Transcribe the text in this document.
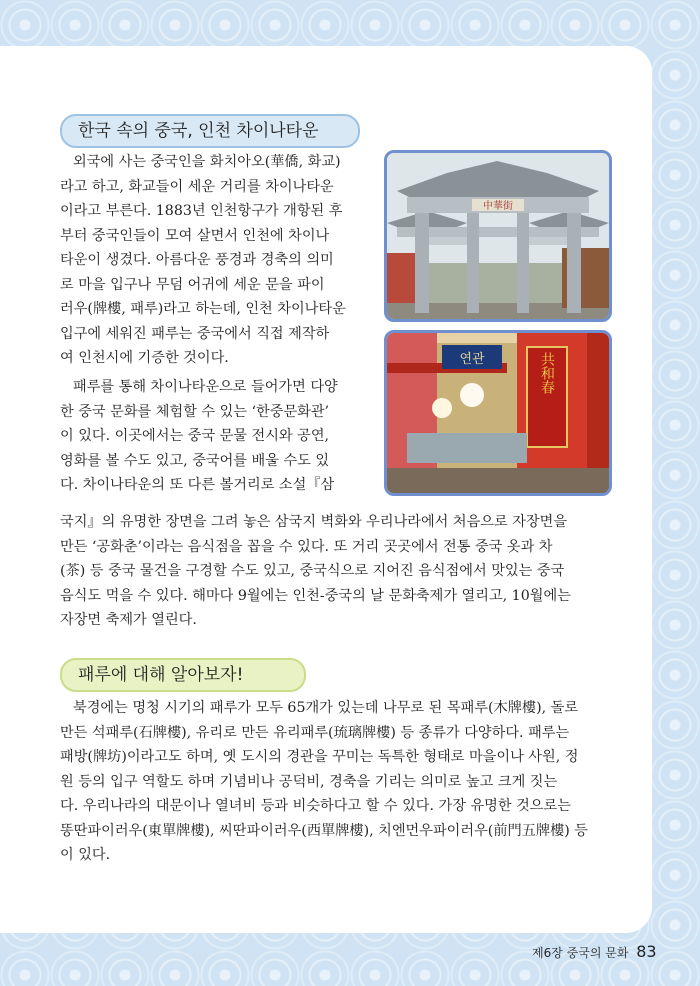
한국 속의 중국, 인천 차이나타운
외국에 사는 중국인을 화치아오(華僑, 화교)
라고 하고, 화교들이 세운 거리를 차이나타운
이라고 부른다. 1883년 인천항구가 개항된 후
부터 중국인들이 모여 살면서 인천에 차이나
타운이 생겼다. 아름다운 풍경과 경축의 의미
로 마을 입구나 무덤 어귀에 세운 문을 파이
러우(牌樓, 패루)라고 하는데, 인천 차이나타운
입구에 세워진 패루는 중국에서 직접 제작하
여 인천시에 기증한 것이다.
패루를 통해 차이나타운으로 들어가면 다양
한 중국 문화를 체험할 수 있는 ‘한중문화관’
이 있다. 이곳에서는 중국 문물 전시와 공연,
영화를 볼 수도 있고, 중국어를 배울 수도 있
다. 차이나타운의 또 다른 볼거리로 소설『삼
국지』의 유명한 장면을 그려 놓은 삼국지 벽화와 우리나라에서 처음으로 자장면을
만든 ‘공화춘’이라는 음식점을 꼽을 수 있다. 또 거리 곳곳에서 전통 중국 옷과 차
(茶) 등 중국 물건을 구경할 수도 있고, 중국식으로 지어진 음식점에서 맛있는 중국
음식도 먹을 수 있다. 해마다 9월에는 인천-중국의 날 문화축제가 열리고, 10월에는
자장면 축제가 열린다.
中華街
연관	共和春
패루에 대해 알아보자!
북경에는 명청 시기의 패루가 모두 65개가 있는데 나무로 된 목패루(木牌樓), 돌로
만든 석패루(石牌樓), 유리로 만든 유리패루(琉璃牌樓) 등 종류가 다양하다. 패루는
패방(牌坊)이라고도 하며, 옛 도시의 경관을 꾸미는 독특한 형태로 마을이나 사원, 정
원 등의 입구 역할도 하며 기념비나 공덕비, 경축을 기리는 의미로 높고 크게 짓는
다. 우리나라의 대문이나 열녀비 등과 비슷하다고 할 수 있다. 가장 유명한 것으로는
똥딴파이러우(東單牌樓), 씨딴파이러우(西單牌樓), 치엔먼우파이러우(前門五牌樓) 등
이 있다.
제6장 중국의 문화 83
